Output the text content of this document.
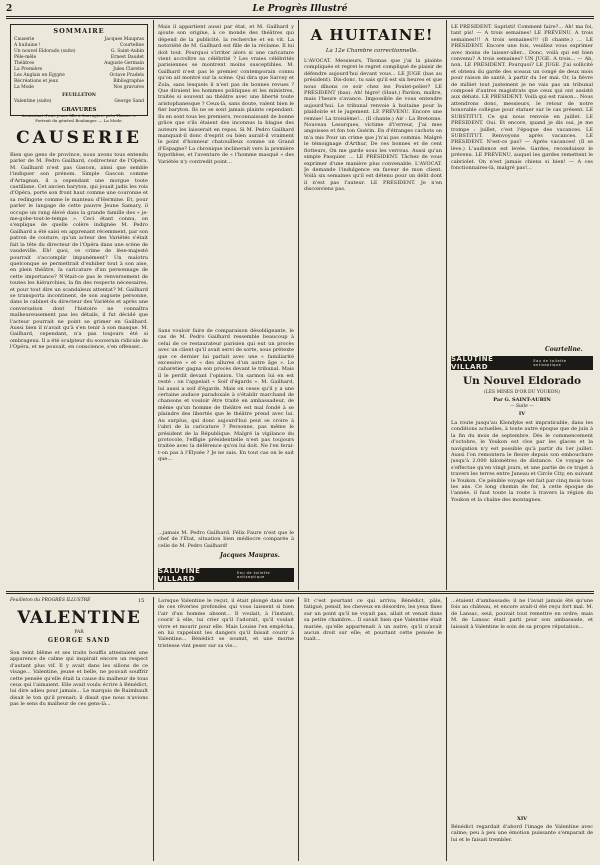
2	Le Progrès Illustré
SOMMAIRE
Causerie	Jacques Maupras
A huitaine !	Courteline
Un nouvel Eldorado (suite)	G. Saint-Aubin
Pêle-mêle	Ernest Daudet
Théâtres	Auguste Germain
La Première	Jules Claretie
Les Anglais en Égypte	Octave Pradels
Récréations et jeux	Bibliographie
La Mode	Nos gravures
FEUILLETON
Valentine (suite)	George Sand
GRAVURES
Assassinat d'une jeune fille à Sauvagère, près Thizon. — Portrait du général Boulanger. — La Mode.
CAUSERIE
Bien que gens de province, nous avons tous entendu parler de M. Pedro Gailhard, codirecteur de l'Opéra. M. Gailhard n'est pas Gascon, ainsi que semble l'indiquer son prénom. Simple Gascon comme d'Artagnan, il a cependant une morgue toute castillane. Cet ancien baryton, qui jouait jadis les rois d'Opéra, porte son front haut comme une couronne et sa redingote comme le manteau d'Hermine. Et, pour parler le langage de cette pauvre Jeune Samary, il occupe un rang élevé dans la grande famille des « je-me-gobe-tout-le-temps ». Ceci étant connu, on s'explique de quelle colère indignée M. Pedro Gailhard a été saisi en apprenant récemment, par son patron de couture, qu'un acteur des Variétés s'était fait la tête du directeur de l'Opéra dans une scène de vaudeville. Eh! quoi, ce crime de lèse-majesté pourrait s'accomplir impunément? Un malotru quelconque se permettrait d'exhiber tout à son aise, en plein théâtre, la caricature d'un personnage de cette importance? N'était-ce pas le renversement de toutes les hiérarchies, la fin des respects nécessaires, et pour tout dire un scandaleux attentat? M. Gailhard se transporta incontinent, de son auguste personne, dans le cabinet du directeur des Variétés et après une conversation dont l'histoire ne connaîtra malheureusement pas les détails, il fut décidé que l'acteur pourrait ne point se grimer en Gailhard. Aussi bien il n'avait qu'à s'en tenir à son masque. M. Gailhard, cependant, n'a pas toujours été si ombrageux. Il a été sculpteur du souverain ridicule de l'Opéra, et ne pouvait, en conscience, s'en offenser...
Mais il appartient aussi par état, et M. Gailhard y ajoute son origine, à ce monde des théâtres qui dépend de la publicité, la recherche et en vit. La notoriété de M. Gailhard est fille de la réclame. Il lui doit tout. Pourquoi s'irriter alors si une caricature vient accroître sa célébrité ? Les vraies célébrités parisiennes se montrent moins susceptibles. M. Gailhard n'est pas le premier contemporain connu qu'on ait montré sur la scène. Qui dira que Sarcey et Zola, sans lesquels il n'est pas de bonnes revues ? Que diraient les hommes politiques et les ministres, traités si souvent au théâtre avec une liberté toute aristophanesque ? Ceux-là, sans doute, valent bien le fier baryton. Ils ne se sont jamais plaints cependant. Ils en sont tous les premiers, reconnaissant de bonne grâce que s'ils étaient des inconnus la blague des auteurs les laisserait en repos. Si M. Pedro Gailhard manquait-il donc d'esprit ou bien aurait-il vraiment le point d'honneur chatouilleux comme un Grand d'Espagne? La chronique inclinerait vers la première hypothèse, et l'aventure de « l'homme masqué » des Variétés n'y contredit point...
Sans vouloir faire de comparaison désobligeante, le cas de M. Pedro Gailhard ressemble beaucoup à celui de ce restaurateur parisien qui eut un procès avec un client qu'il avait servi de sorte, sous prétexte que ce dernier lui parlait avec une « familiarité excessive » et « des allures d'un autre âge ». Le cabaretier gagna son procès devant le tribunal. Mais il le perdit devant l'opinion. Un sarmon lui en est resté : on l'appelait « Soif d'égards ». M. Gailhard, lui aussi a soif d'égards. Mais on cesse qu'il y a une certaine audace paradoxale à s'établir marchand de chansons et vouloir être traité en ambassadeur, de même qu'un homme de théâtre est mal fondé à se plaindre des libertés que le théâtre prend avec lui. Au surplus, qui donc aujourd'hui peut se croire à l'abri de la caricature ? Personne, pas même le président de la République. Malgré la vigilance du protocole, l'effigie présidentielle n'est pas toujours traitée avec la déférence qu'on lui doit. Ne l'en ferai-t-on pas à l'Élysée ? Je ne sais. En tout cas on le sait que...
...jamais M. Pedro Gailhard. Félix Faure n'est que le chef de l'État, situation bien médiocre comparée à celle de M. Pedro Gailhard!
Jacques Maupras.
SALUTINE VILLARD
Eau de toilette antiseptique
A HUITAINE!
La 12e Chambre correctionnelle.
L'AVOCAT. Messieurs, Thomas que j'ai la plainte compliquée et regret le regret compliqué de plaisir de défendre aujourd'hui devant vous... LE JUGE (bas au président). Dis-donc, tu sais qu'il est six heures et que nous dînons ce soir chez les Poulet-pelier? LE PRÉSIDENT (bas). Ah! bigre! (Haut.) Pardon, maître, mais l'heure s'avance. Impossible de vous entendre aujourd'hui. Le tribunal renvoie à huitaine pour la plaidoirie et le jugement. LE PRÉVENU. Encore une remise! La troisième!... (Il chante.) Air : La Bretonne. Nouveau Lesurques, victime d'l'erreur, J'ai mes angoisses et fon ton Guérin. En d'étranges cachots on m'a mis Pour un crime que j'n'ai pas commis. Malgré le témoignage d'Arthur, De ces bonnes et de cent flotteurs, On me garde sous les verrous. Aussi qu'un simple Pasquier. ... LE PRÉSIDENT. Tâchez de vous exprimer d'une manière plus convenable. L'AVOCAT. Je demande l'indulgence en faveur de mon client. Voilà six semaines qu'il est détenu pour un délit dont il n'est pas l'auteur. LE PRÉSIDENT. Je n'en disconviens pas.
LE PRÉSIDENT. Sapristi! Comment faire?... Ah! ma foi, tant pis! — A trois semaines! LE PRÉVENU. A trois semaines!!! A trois semaines!!! (Il chante.) ... LE PRÉSIDENT. Encore une fois, veuillez vous exprimer avec moins de laisser-aller... Donc, voilà qui est bien convenu? A trois semaines? UN JUGE. A trois... — Ah, non. LE PRÉSIDENT. Pourquoi? LE JUGE. J'ai sollicité et obtenu du garde des sceaux un congé de deux mois pour raison de santé, à partir du 1er mai. Or, la fièvre de milliet tout justement je ne vais pas un tribunal composé d'autres magistrats que ceux qui ont assisté aux débats. LE PRÉSIDENT. Voilà qui est raison... Nous attendrons donc, messieurs, le retour de notre honorable collègue pour statuer sur le cas présent. LE SUBSTITUT. Ce qui nous renvoie en juillet. LE PRÉSIDENT. Oui. Et encore, quand je dis oui, je me trompe : juillet, c'est l'époque des vacances. LE SUBSTITUT. Renvoyons après vacances. LE PRÉSIDENT. N'est-ce pas? — Après vacances! (Il se lève.) L'audience est levée. Gardes, reconduisez le prévenu. LE PRÉVENU, auquel les gardes remettent le cabriolet. On n'est jamais chiens si bien! — A ces fonctionnaires-là, malgré pas!...
Courteline.
SALUTINE VILLARD
Eau de toilette antiseptique
Un Nouvel Eldorado
(LES MINES D'OR DU YOUKON)
Par G. SAINT-AUBIN
— Suite —
IV
La route jusqu'au Klondyke est impraticable, dans les conditions actuelles, à toute autre époque que de juin à la fin du mois de septembre. Dès le commencement d'octobre, le Youkon est clos par les glaces et la navigation n'y est possible qu'à partir du 1er juillet. Aussi l'on remontera le fleuve depuis son embouchure jusqu'à 2.000 kilomètres de distance. Ce voyage ne s'effectue qu'en vingt jours, et une partie de ce trajet à travers les terres entre Juneau et Circle City, en suivant le Youkon. Ce pénible voyage est fait par cinq mois tous les ans. Ce long chemin de fer, à cette époque de l'année, il faut toute la route à travers la région du Youkon et la chaîne des montagnes.
Feuilleton du PROGRÈS ILLUSTRÉ	15
VALENTINE
PAR
GEORGE SAND
Son teint blême et ses traits bouffis attestaient une apparence de calme qui inspirait encore un respect d'autant plus vif. Il y avait dans les sillons de ce visage... Valentine, jeune et belle, ne pouvait souffrir cette pensée qu'elle était la cause du malheur de tous ceux qui l'aimaient. Elle avait voulu écrire à Bénédict, lui dire adieu pour jamais... Le marquis de Raimbault disait le ton qu'il prenait; il disait que nous n'avions pas le sens du malheur de ces gens-là...
Lorsque Valentine le reçut, il était plongé dans une de ces rêveries profondes qui vous laissent si bien l'air d'un homme absent... Il voulait, à l'instant, courir à elle, lui crier qu'il l'adorait, qu'il voulait vivre et mourir pour elle. Mais Louise l'en empêcha, en lui rappelant les dangers qu'il faisait courir à Valentine... Bénédict se soumit, et une morne tristesse vint peser sur sa vie...
Et c'est pourtant ce qui arriva; Bénédict, pâle, fatigué, pensif, les cheveux en désordre, les yeux fixes sur un point qu'il ne voyait pas, allait et venait dans sa petite chambre... Il savait bien que Valentine était mariée, qu'elle appartenait à un autre, qu'il n'avait aucun droit sur elle; et pourtant cette pensée le tuait...
...étaient d'ambassade; il ne l'avait jamais été qu'une fois au château, et encore avait-il été reçu fort mal. M. de Lansac, seul, pouvait tout remettre en ordre; mais M. de Lansac était parti pour son ambassade, et laissait à Valentine le soin de sa propre réputation...
XIV
Bénédict regardait d'abord l'image de Valentine avec calme; peu à peu une émotion puissante s'emparait de lui et le faisait trembler.
